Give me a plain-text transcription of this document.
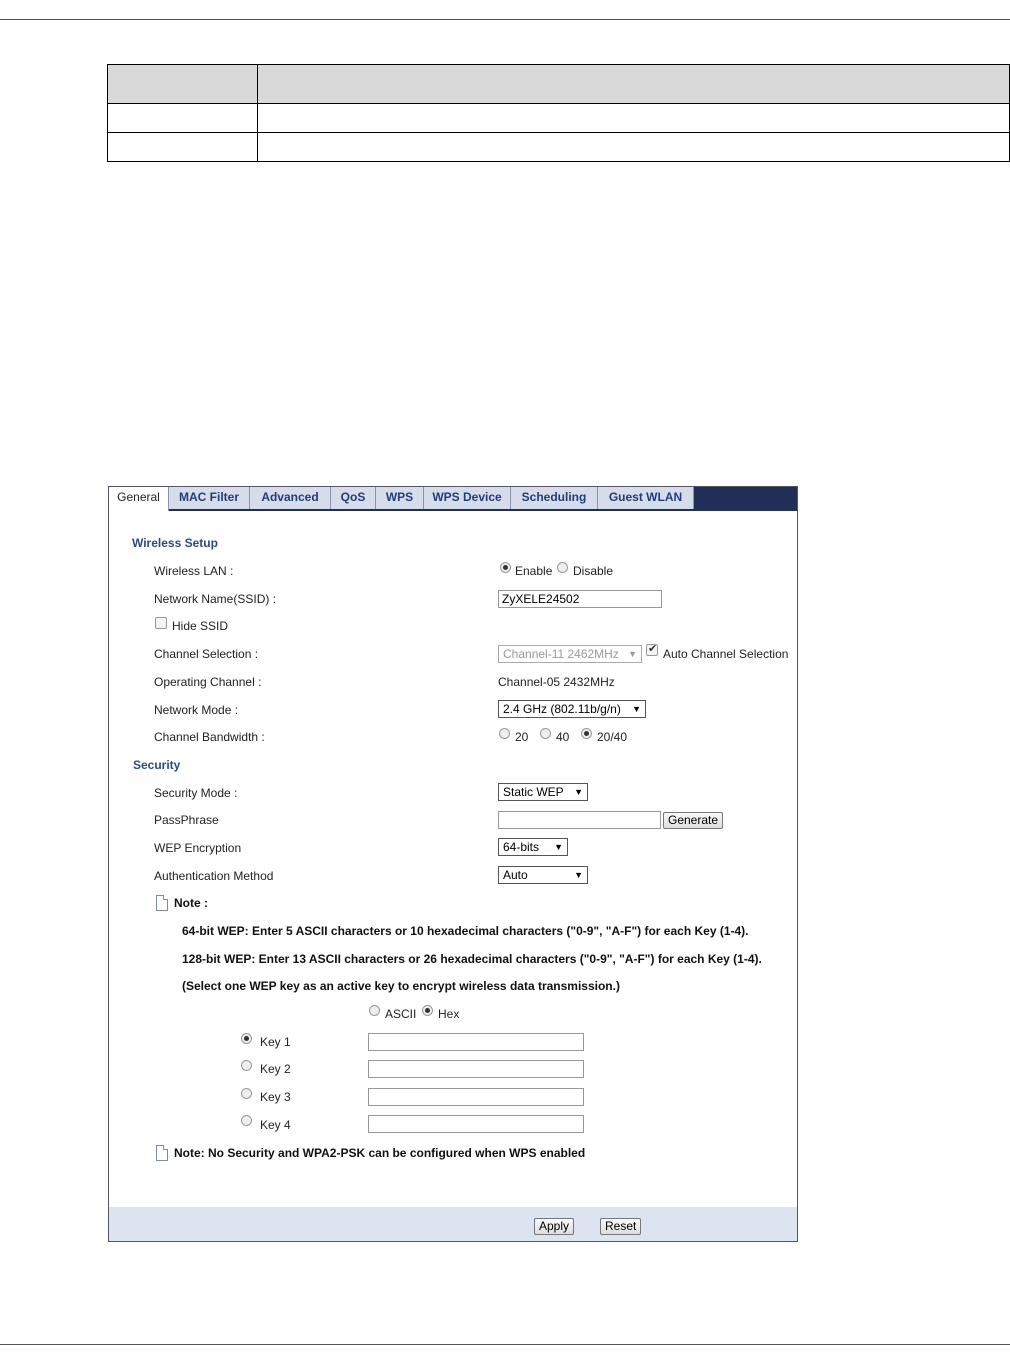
General	MAC Filter	Advanced	QoS	WPS	WPS Device	Scheduling	Guest WLAN
Wireless Setup
Wireless LAN :	Enable Disable
Network Name(SSID) :	ZyXELE24502
Hide SSID
Channel Selection :	Channel-11 2462MHz ▼
✔ Auto Channel Selection
Operating Channel :	Channel-05 2432MHz
Network Mode :	2.4 GHz (802.11b/g/n) ▼
Channel Bandwidth :	20 40 20/40
Security
Security Mode :	Static WEP ▼
PassPhrase	Generate
WEP Encryption	64-bits ▼
Authentication Method	Auto	▼
Note :
64-bit WEP: Enter 5 ASCII characters or 10 hexadecimal characters ("0-9", "A-F") for each Key (1-4).
128-bit WEP: Enter 13 ASCII characters or 26 hexadecimal characters ("0-9", "A-F") for each Key (1-4).
(Select one WEP key as an active key to encrypt wireless data transmission.)
ASCII Hex
Key 1
Key 2
Key 3
Key 4
Note: No Security and WPA2-PSK can be configured when WPS enabled
Apply	Reset
